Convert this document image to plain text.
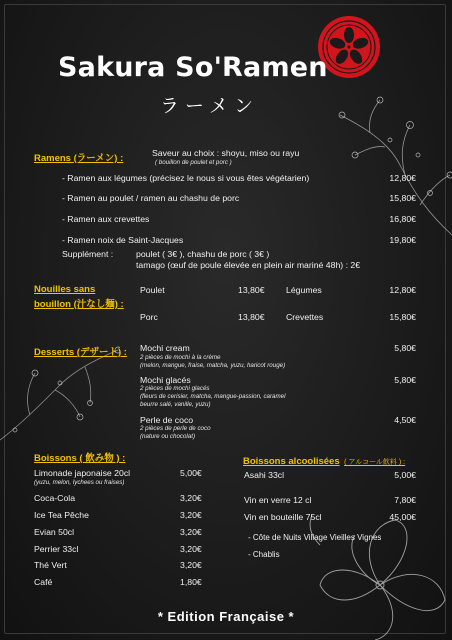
Sakura So'Ramen
ラーメン
Ramens (ラーメン) :	Saveur au choix : shoyu, miso ou rayu
( bouillon de poulet et porc )
- Ramen aux légumes (précisez le nous si vous êtes végétarien)	12,80€
- Ramen au poulet / ramen au chashu de porc	15,80€
- Ramen aux crevettes	16,80€
- Ramen noix de Saint-Jacques	19,80€
Supplément :	poulet ( 3€ ), chashu de porc ( 3€ )
tamago (œuf de poule élevée en plein air mariné 48h) : 2€
Nouilles sans
bouillon (汁なし麺) :
Poulet	13,80€ Légumes	12,80€
Porc	13,80€ Crevettes	15,80€
Desserts (デザート) : Mochi cream	5,80€
2 pièces de mochi à la crème
(melon, mangue, fraise, matcha, yuzu, haricot rouge)
Mochi glacés	5,80€
2 pièces de mochi glacés
(fleurs de cerisier, matcha, mangue-passion, caramel
beurre salé, vanille, yuzu)
Perle de coco	4,50€
2 pièces de perle de coco
(nature ou chocolat)
Boissons ( 飲み物 ) :
Limonade japonaise 20cl	5,00€
(yuzu, melon, lychees ou fraises)
Coca-Cola	3,20€
Ice Tea Pêche	3,20€
Evian 50cl	3,20€
Perrier 33cl	3,20€
Thé Vert	3,20€
Café	1,80€
Boissons alcoolisées ( アルコール飲料 ) :
Asahi 33cl	5,00€
Vin en verre 12 cl	7,80€
Vin en bouteille 75cl	45,00€
- Côte de Nuits Village Vieilles Vignes
- Chablis
* Edition Française *
